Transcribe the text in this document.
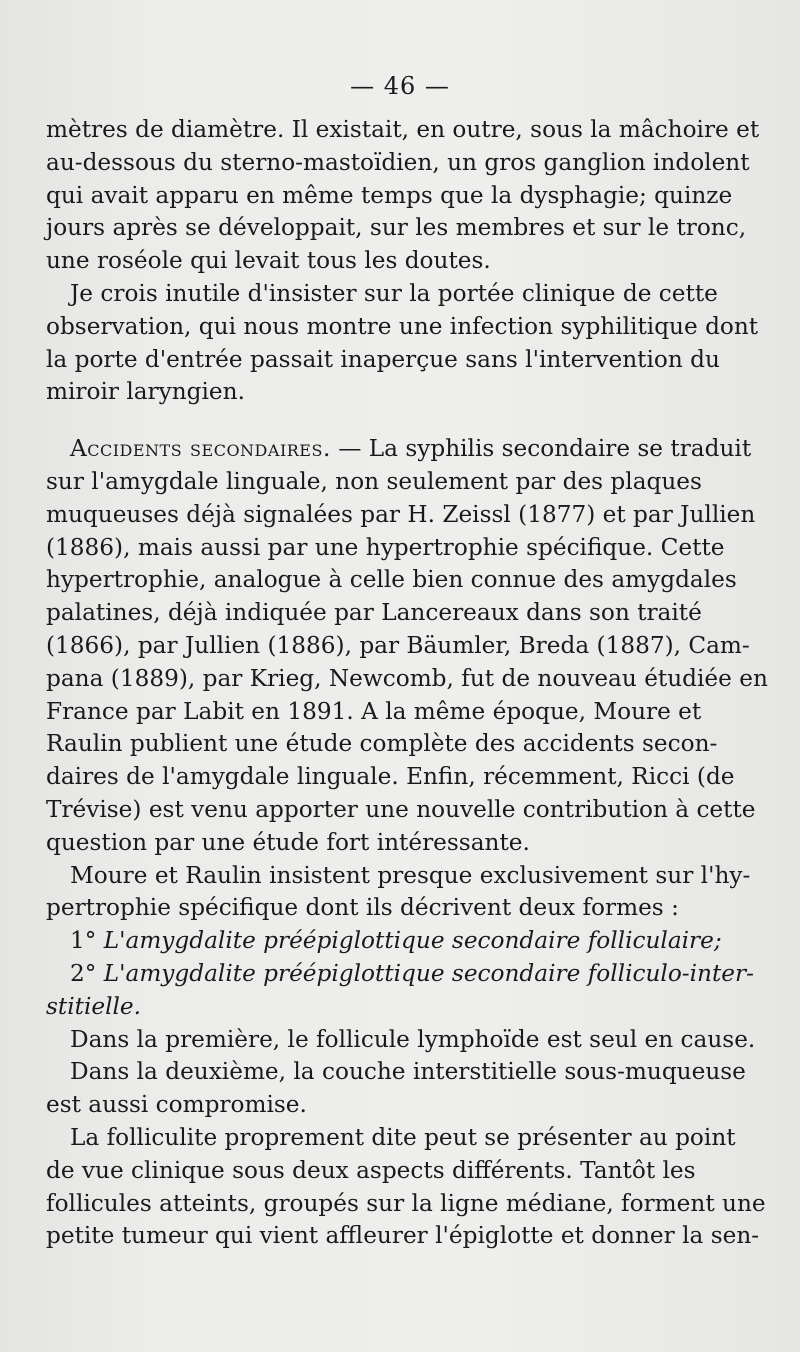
— 46 —

mètres de diamètre. Il existait, en outre, sous la mâchoire et
au-dessous du sterno-mastoïdien, un gros ganglion indolent
qui avait apparu en même temps que la dysphagie; quinze
jours après se développait, sur les membres et sur le tronc,
une roséole qui levait tous les doutes.

Je crois inutile d'insister sur la portée clinique de cette
observation, qui nous montre une infection syphilitique dont
la porte d'entrée passait inaperçue sans l'intervention du
miroir laryngien.

Accidents secondaires. — La syphilis secondaire se traduit
sur l'amygdale linguale, non seulement par des plaques
muqueuses déjà signalées par H. Zeissl (1877) et par Jullien
(1886), mais aussi par une hypertrophie spécifique. Cette
hypertrophie, analogue à celle bien connue des amygdales
palatines, déjà indiquée par Lancereaux dans son traité
(1866), par Jullien (1886), par Bäumler, Breda (1887), Cam-
pana (1889), par Krieg, Newcomb, fut de nouveau étudiée en
France par Labit en 1891. A la même époque, Moure et
Raulin publient une étude complète des accidents secon-
daires de l'amygdale linguale. Enfin, récemment, Ricci (de
Trévise) est venu apporter une nouvelle contribution à cette
question par une étude fort intéressante.

Moure et Raulin insistent presque exclusivement sur l'hy-
pertrophie spécifique dont ils décrivent deux formes :
1° L'amygdalite préépiglottique secondaire folliculaire;
2° L'amygdalite préépiglottique secondaire folliculo-inter-
stitielle.

Dans la première, le follicule lymphoïde est seul en cause.

Dans la deuxième, la couche interstitielle sous-muqueuse
est aussi compromise.

La folliculite proprement dite peut se présenter au point
de vue clinique sous deux aspects différents. Tantôt les
follicules atteints, groupés sur la ligne médiane, forment une
petite tumeur qui vient affleurer l'épiglotte et donner la sen-
